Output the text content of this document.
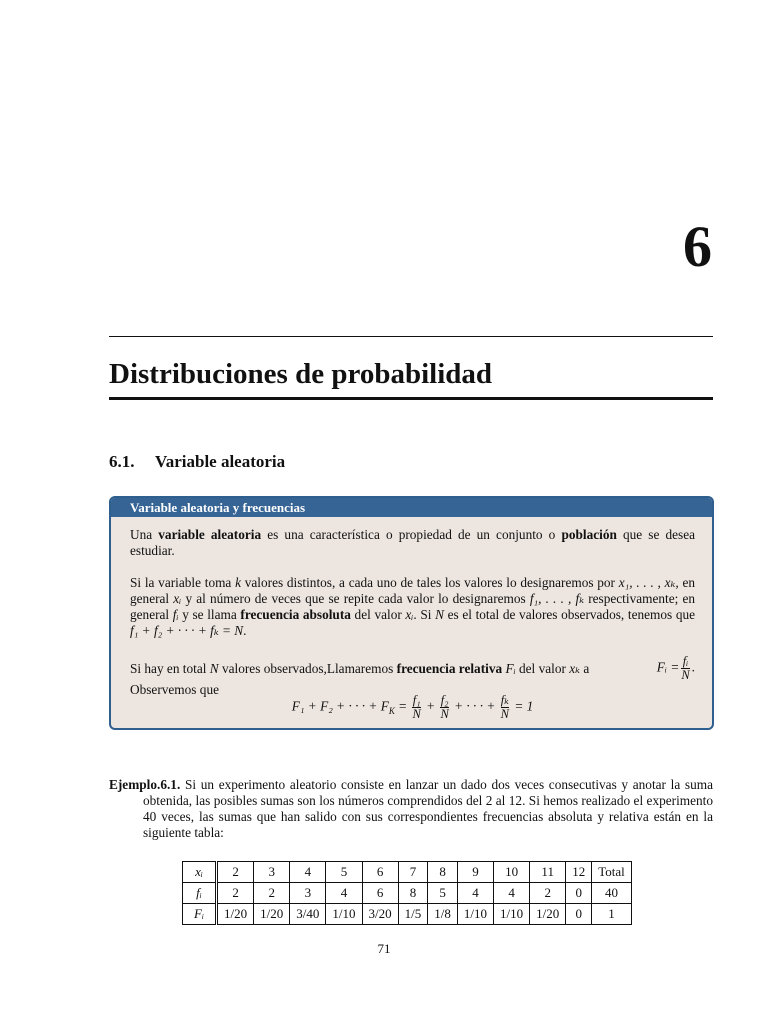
6
Distribuciones de probabilidad
6.1. Variable aleatoria
Variable aleatoria y frecuencias

Una variable aleatoria es una característica o propiedad de un conjunto o población que se desea estudiar.

Si la variable toma k valores distintos, a cada uno de tales los valores lo designaremos por x₁, . . . , xₖ, en general xᵢ y al número de veces que se repite cada valor lo designaremos f₁, . . . , fₖ respectivamente; en general fᵢ y se llama frecuencia absoluta del valor xᵢ. Si N es el total de valores observados, tenemos que f₁ + f₂ + · · · + fₖ = N.

Si hay en total N valores observados,Llamaremos frecuencia relativa Fᵢ del valor xₖ a	Fᵢ = $\frac{\text{fᵢ}}{N}$ .
Observemos que
F₁ + F₂ + · · · + $F_K = \frac{\text{f₁}}{N} + \frac{\text{f₂}}{N}$ + · · · + $\frac{\text{fₖ}}{N} = 1$
Ejemplo.6.1. Si un experimento aleatorio consiste en lanzar un dado dos veces consecutivas y anotar la suma obtenida, las posibles sumas son los números comprendidos del 2 al 12. Si hemos realizado el experimento 40 veces, las sumas que han salido con sus correspondientes frecuencias absoluta y relativa están en la siguiente tabla:
xᵢ	2	3	4	5	6	7	8	9	10	11	12	Total
fᵢ	2	2	3	4	6	8	5	4	4	2	0	40
Fᵢ	1/20	1/20	3/40	1/10	3/20	1/5	1/8	1/10	1/10	1/20	0	1
71
